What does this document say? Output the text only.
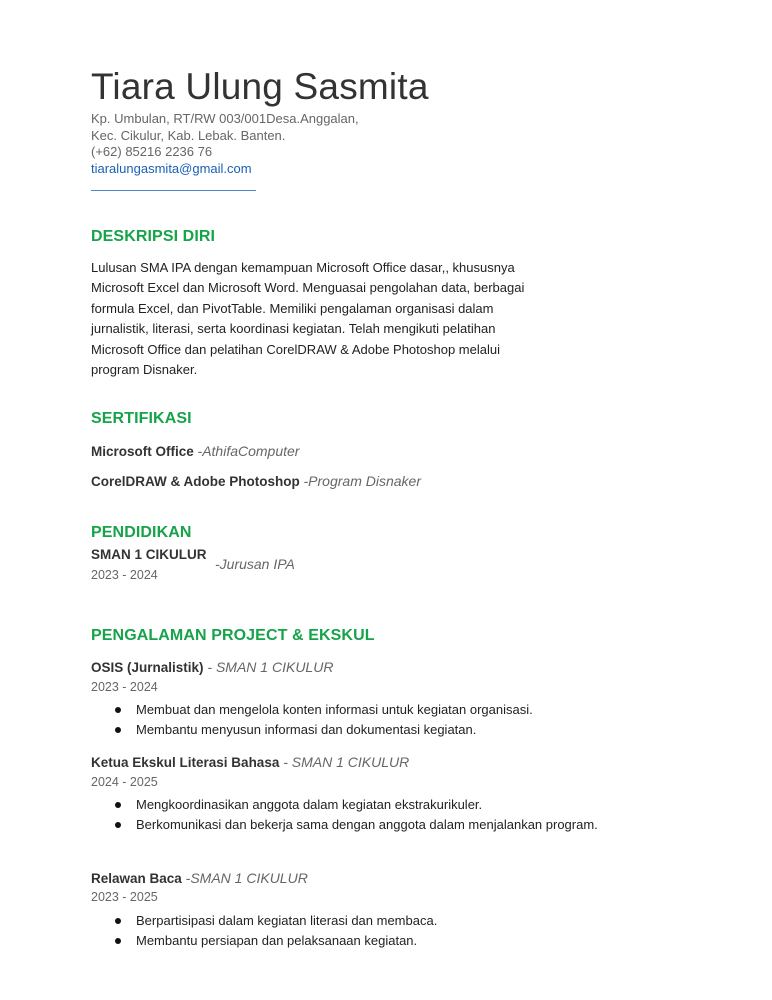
Tiara Ulung Sasmita
Kp. Umbulan, RT/RW 003/001Desa.Anggalan,
Kec. Cikulur, Kab. Lebak. Banten.
(+62) 85216 2236 76
tiaralungasmita@gmail.com
DESKRIPSI DIRI
Lulusan SMA IPA dengan kemampuan Microsoft Office dasar,, khususnya
Microsoft Excel dan Microsoft Word. Menguasai pengolahan data, berbagai
formula Excel, dan PivotTable. Memiliki pengalaman organisasi dalam
jurnalistik, literasi, serta koordinasi kegiatan. Telah mengikuti pelatihan
Microsoft Office dan pelatihan CorelDRAW & Adobe Photoshop melalui
program Disnaker.
SERTIFIKASI
Microsoft Office -AthifaComputer
CorelDRAW & Adobe Photoshop -Program Disnaker
PENDIDIKAN
SMAN 1 CIKULUR
-Jurusan IPA
2023 - 2024
PENGALAMAN PROJECT & EKSKUL
OSIS (Jurnalistik) - SMAN 1 CIKULUR
2023 - 2024
Membuat dan mengelola konten informasi untuk kegiatan organisasi.
Membantu menyusun informasi dan dokumentasi kegiatan.
Ketua Ekskul Literasi Bahasa - SMAN 1 CIKULUR
2024 - 2025
Mengkoordinasikan anggota dalam kegiatan ekstrakurikuler.
Berkomunikasi dan bekerja sama dengan anggota dalam menjalankan program.
Relawan Baca -SMAN 1 CIKULUR
2023 - 2025
Berpartisipasi dalam kegiatan literasi dan membaca.
Membantu persiapan dan pelaksanaan kegiatan.
